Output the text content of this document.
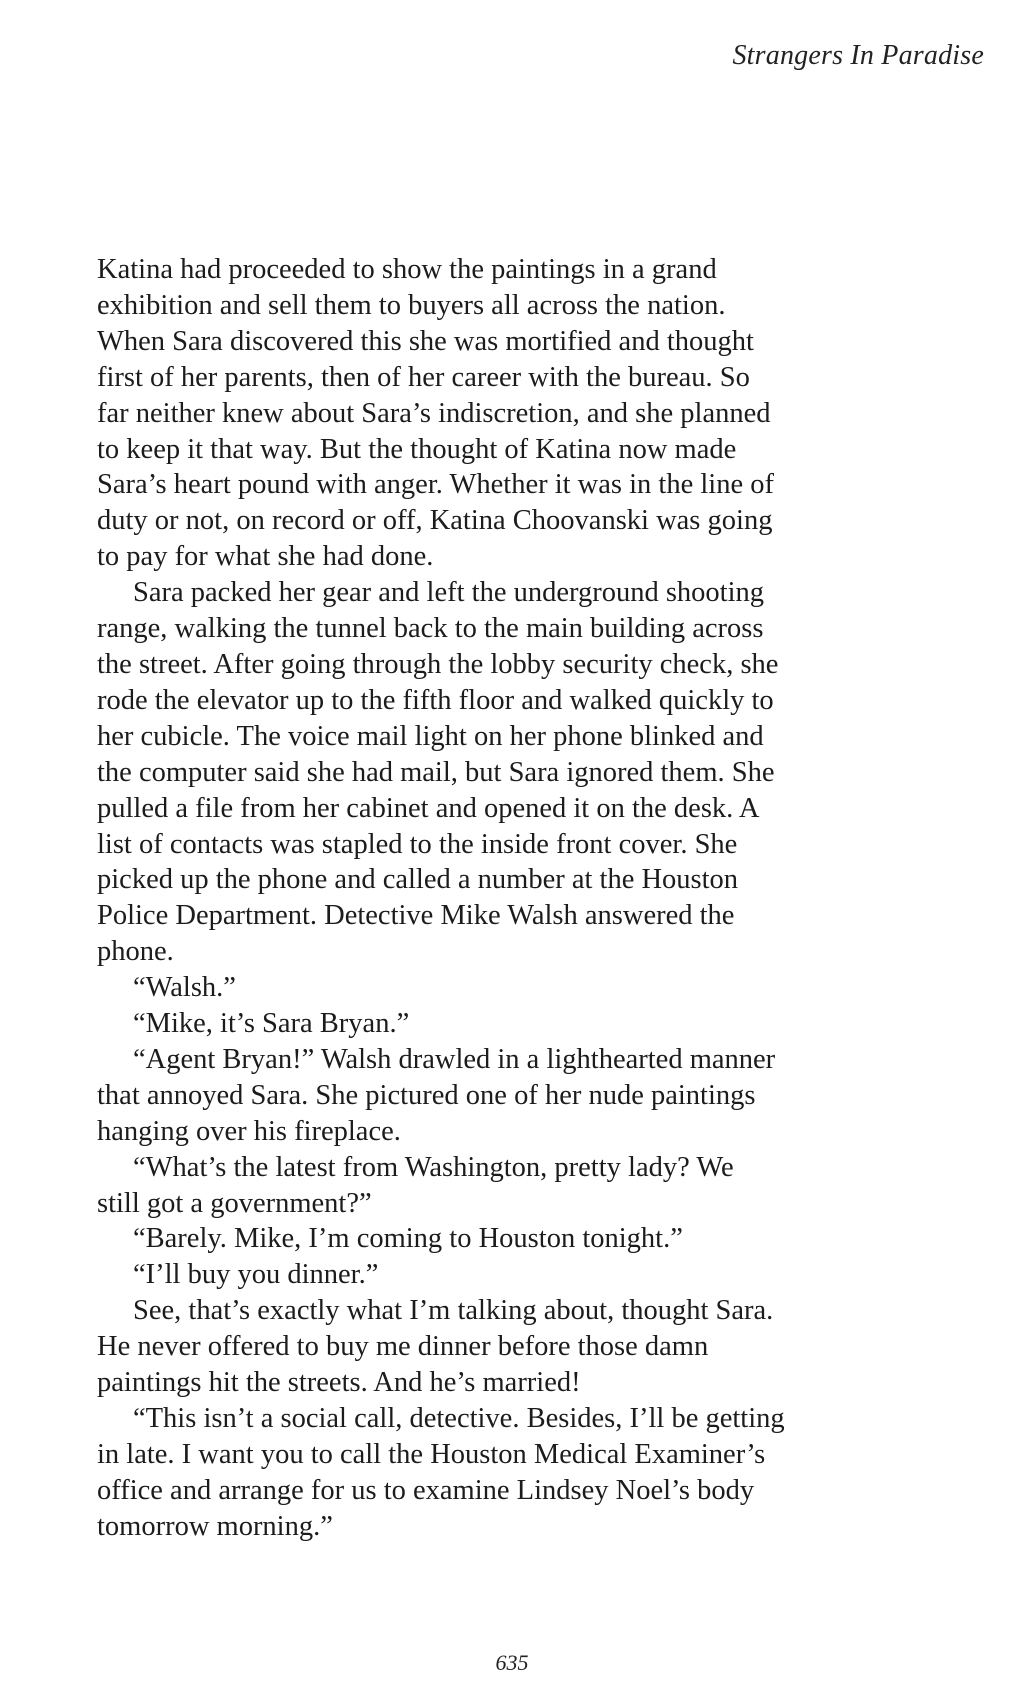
Strangers In Paradise
Katina had proceeded to show the paintings in a grand
exhibition and sell them to buyers all across the nation.
When Sara discovered this she was mortified and thought
first of her parents, then of her career with the bureau. So
far neither knew about Sara’s indiscretion, and she planned
to keep it that way. But the thought of Katina now made
Sara’s heart pound with anger. Whether it was in the line of
duty or not, on record or off, Katina Choovanski was going
to pay for what she had done.
Sara packed her gear and left the underground shooting
range, walking the tunnel back to the main building across
the street. After going through the lobby security check, she
rode the elevator up to the fifth floor and walked quickly to
her cubicle. The voice mail light on her phone blinked and
the computer said she had mail, but Sara ignored them. She
pulled a file from her cabinet and opened it on the desk. A
list of contacts was stapled to the inside front cover. She
picked up the phone and called a number at the Houston
Police Department. Detective Mike Walsh answered the
phone.
“Walsh.”
“Mike, it’s Sara Bryan.”
“Agent Bryan!” Walsh drawled in a lighthearted manner
that annoyed Sara. She pictured one of her nude paintings
hanging over his fireplace.
“What’s the latest from Washington, pretty lady? We
still got a government?”
“Barely. Mike, I’m coming to Houston tonight.”
“I’ll buy you dinner.”
See, that’s exactly what I’m talking about, thought Sara.
He never offered to buy me dinner before those damn
paintings hit the streets. And he’s married!
“This isn’t a social call, detective. Besides, I’ll be getting
in late. I want you to call the Houston Medical Examiner’s
office and arrange for us to examine Lindsey Noel’s body
tomorrow morning.”
635
